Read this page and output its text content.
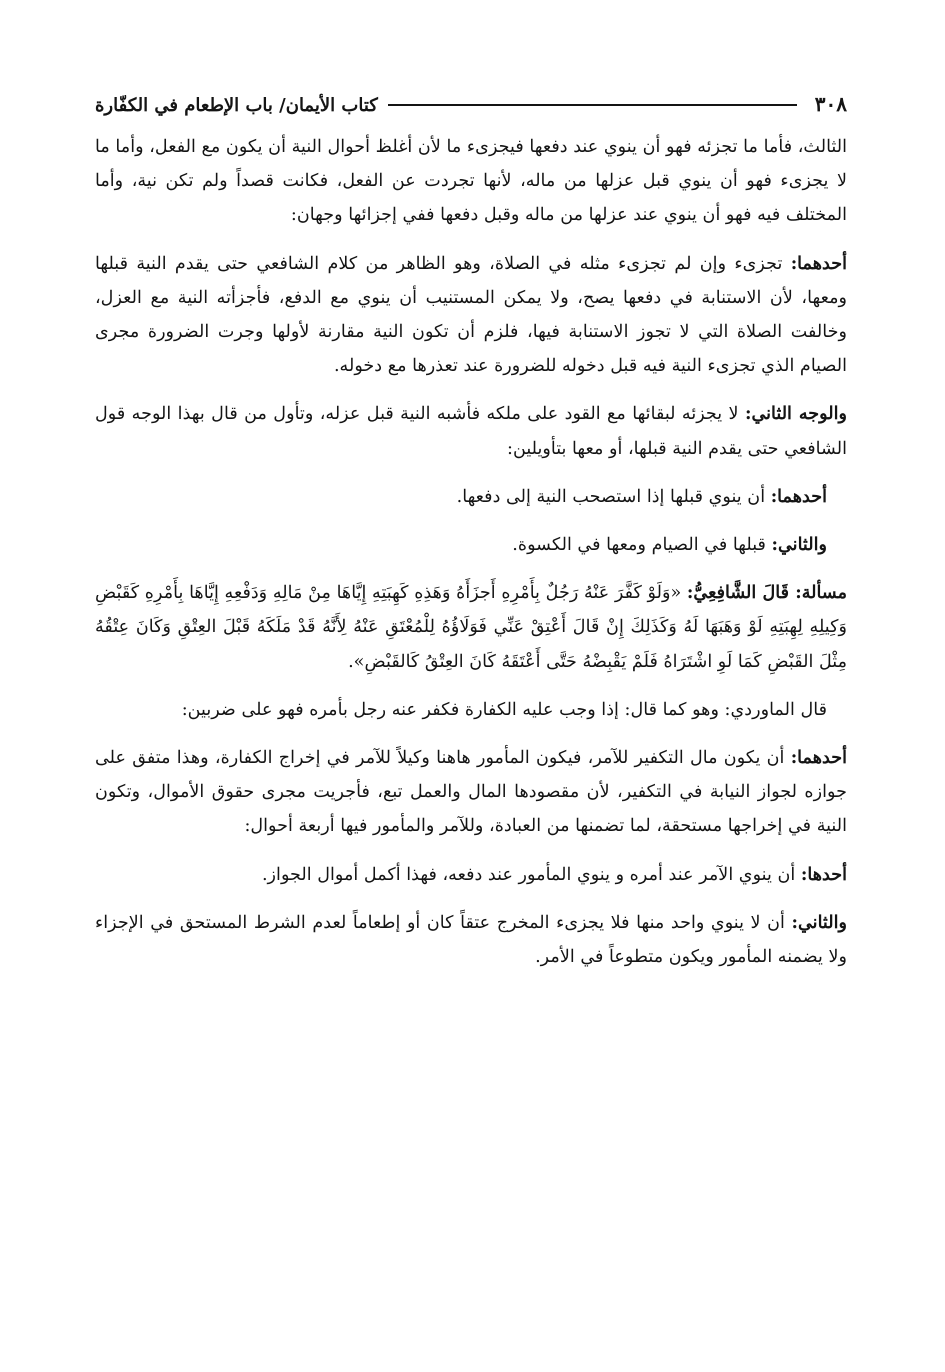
٣٠٨
كتاب الأيمان/ باب الإطعام في الكفّارة

الثالث، فأما ما تجزئه فهو أن ينوي عند دفعها فيجزىء ما لأن أغلظ أحوال النية أن يكون مع الفعل، وأما ما لا يجزىء فهو أن ينوي قبل عزلها من ماله، لأنها تجردت عن الفعل، فكانت قصداً ولم تكن نية، وأما المختلف فيه فهو أن ينوي عند عزلها من ماله وقبل دفعها ففي إجزائها وجهان:

أحدهما: تجزىء وإن لم تجزىء مثله في الصلاة، وهو الظاهر من كلام الشافعي حتى يقدم النية قبلها ومعها، لأن الاستنابة في دفعها يصح، ولا يمكن المستنيب أن ينوي مع الدفع، فأجزأته النية مع العزل، وخالفت الصلاة التي لا تجوز الاستنابة فيها، فلزم أن تكون النية مقارنة لأولها وجرت الضرورة مجرى الصيام الذي تجزىء النية فيه قبل دخوله للضرورة عند تعذرها مع دخوله.

والوجه الثاني: لا يجزئه لبقائها مع القود على ملكه فأشبه النية قبل عزله، وتأول من قال بهذا الوجه قول الشافعي حتى يقدم النية قبلها، أو معها بتأويلين:

أحدهما: أن ينوي قبلها إذا استصحب النية إلى دفعها.

والثاني: قبلها في الصيام ومعها في الكسوة.

مسألة: قَالَ الشَّافِعِيُّ: «وَلَوْ كَفَّرَ عَنْهُ رَجُلٌ بِأَمْرِهِ أَجزَأَهُ وَهَذِهِ كَهِبَتِهِ إِيَّاهَا مِنْ مَالِهِ وَدَفْعِهِ إِيَّاهَا بِأَمْرِهِ كَقَبْضِ وَكِيلِهِ لِهِبَتِهِ لَوْ وَهَبَهَا لَهُ وَكَذَلِكَ إِنْ قَالَ أَعْتِقْ عَنِّي فَوَلَاؤُهُ لِلْمُعْتَقِ عَنْهُ لِأَنَّهُ قَدْ مَلَكَهُ قَبْلَ العِتْقِ وَكَانَ عِتْقُهُ مِثْلَ القَبْضِ كَمَا لَوِ اشْتَرَاهُ فَلَمْ يَقْبِضْهُ حَتَّى أَعْتَقَهُ كَانَ العِتْقُ كَالقَبْضِ».

قال الماوردي: وهو كما قال: إذا وجب عليه الكفارة فكفر عنه رجل بأمره فهو على ضربين:

أحدهما: أن يكون مال التكفير للآمر، فيكون المأمور هاهنا وكيلاً للآمر في إخراج الكفارة، وهذا متفق على جوازه لجواز النيابة في التكفير، لأن مقصودها المال والعمل تبع، فأجريت مجرى حقوق الأموال، وتكون النية في إخراجها مستحقة، لما تضمنها من العبادة، وللآمر والمأمور فيها أربعة أحوال:

أحدها: أن ينوي الآمر عند أمره و ينوي المأمور عند دفعه، فهذا أكمل أموال الجواز.

والثاني: أن لا ينوي واحد منها فلا يجزىء المخرج عتقاً كان أو إطعاماً لعدم الشرط المستحق في الإجزاء ولا يضمنه المأمور ويكون متطوعاً في الأمر.
